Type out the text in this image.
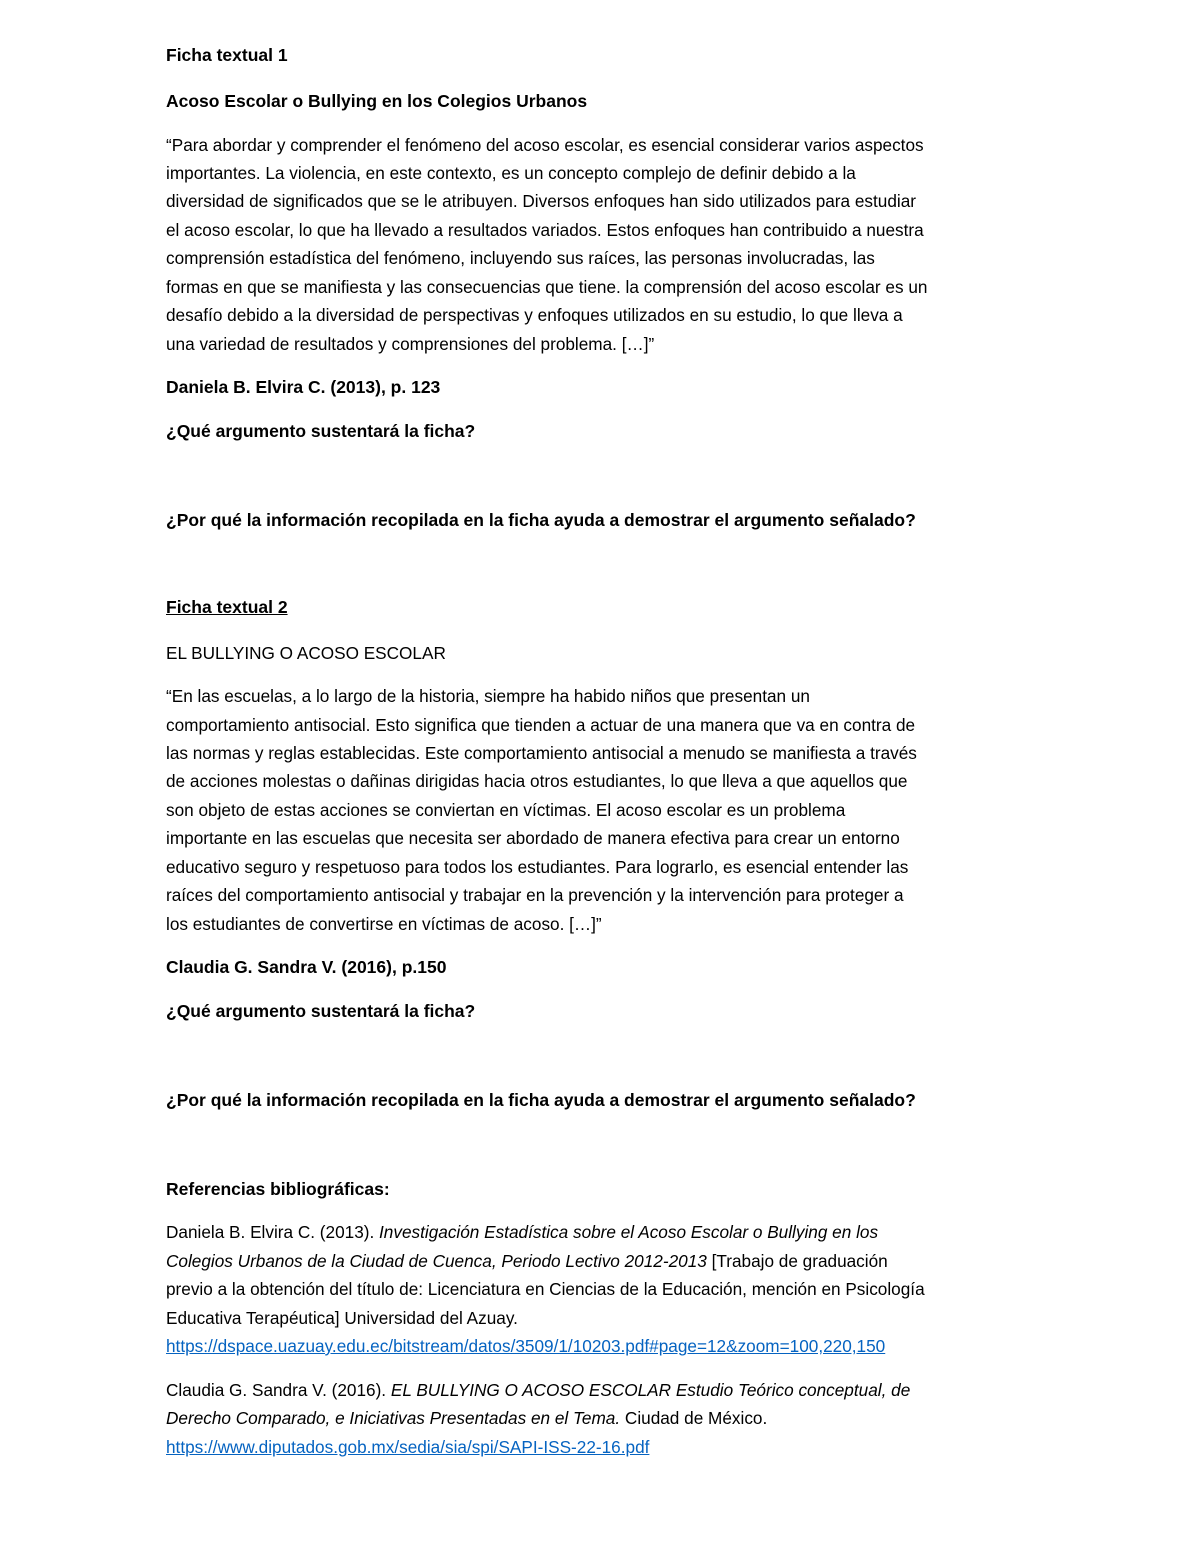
Ficha textual 1
Acoso Escolar o Bullying en los Colegios Urbanos
“Para abordar y comprender el fenómeno del acoso escolar, es esencial considerar varios aspectos
importantes. La violencia, en este contexto, es un concepto complejo de definir debido a la
diversidad de significados que se le atribuyen. Diversos enfoques han sido utilizados para estudiar
el acoso escolar, lo que ha llevado a resultados variados. Estos enfoques han contribuido a nuestra
comprensión estadística del fenómeno, incluyendo sus raíces, las personas involucradas, las
formas en que se manifiesta y las consecuencias que tiene. la comprensión del acoso escolar es un
desafío debido a la diversidad de perspectivas y enfoques utilizados en su estudio, lo que lleva a
una variedad de resultados y comprensiones del problema. […]”
Daniela B. Elvira C. (2013), p. 123
¿Qué argumento sustentará la ficha?
¿Por qué la información recopilada en la ficha ayuda a demostrar el argumento señalado?
Ficha textual 2
EL BULLYING O ACOSO ESCOLAR
“En las escuelas, a lo largo de la historia, siempre ha habido niños que presentan un
comportamiento antisocial. Esto significa que tienden a actuar de una manera que va en contra de
las normas y reglas establecidas. Este comportamiento antisocial a menudo se manifiesta a través
de acciones molestas o dañinas dirigidas hacia otros estudiantes, lo que lleva a que aquellos que
son objeto de estas acciones se conviertan en víctimas. El acoso escolar es un problema
importante en las escuelas que necesita ser abordado de manera efectiva para crear un entorno
educativo seguro y respetuoso para todos los estudiantes. Para lograrlo, es esencial entender las
raíces del comportamiento antisocial y trabajar en la prevención y la intervención para proteger a
los estudiantes de convertirse en víctimas de acoso. […]”
Claudia G. Sandra V. (2016), p.150
¿Qué argumento sustentará la ficha?
¿Por qué la información recopilada en la ficha ayuda a demostrar el argumento señalado?
Referencias bibliográficas:
Daniela B. Elvira C. (2013). Investigación Estadística sobre el Acoso Escolar o Bullying en los
Colegios Urbanos de la Ciudad de Cuenca, Periodo Lectivo 2012-2013 [Trabajo de graduación
previo a la obtención del título de: Licenciatura en Ciencias de la Educación, mención en Psicología
Educativa Terapéutica] Universidad del Azuay.
https://dspace.uazuay.edu.ec/bitstream/datos/3509/1/10203.pdf#page=12&zoom=100,220,150
Claudia G. Sandra V. (2016). EL BULLYING O ACOSO ESCOLAR Estudio Teórico conceptual, de
Derecho Comparado, e Iniciativas Presentadas en el Tema. Ciudad de México.
https://www.diputados.gob.mx/sedia/sia/spi/SAPI-ISS-22-16.pdf
